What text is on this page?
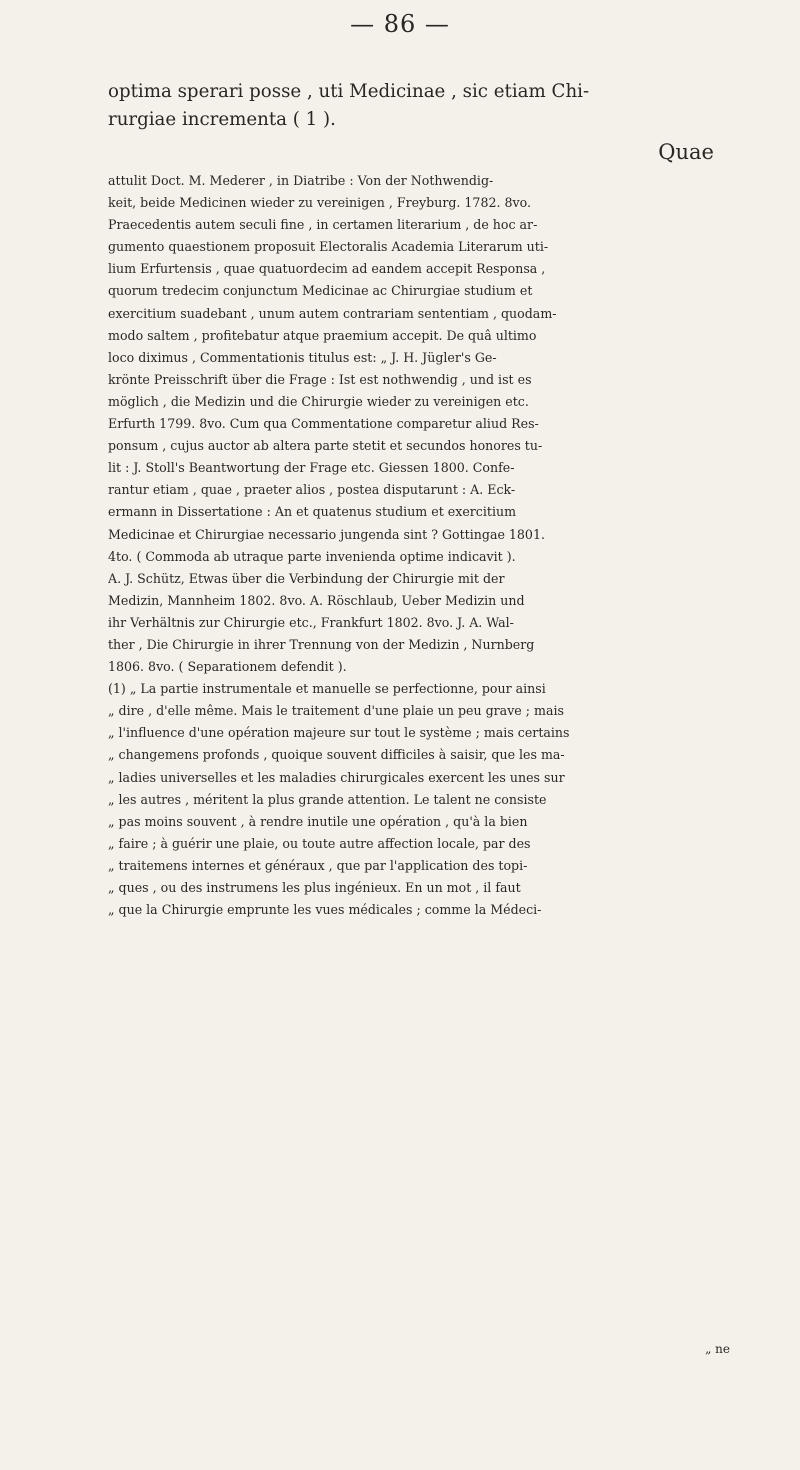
— 86 —
optima sperari posse , uti Medicinae , sic etiam Chi-
rurgiae incrementa ( 1 ).
Quae
attulit Doct. M. Mederer , in Diatribe : Von der Nothwendig-
keit, beide Medicinen wieder zu vereinigen , Freyburg. 1782. 8vo.
Praecedentis autem seculi fine , in certamen literarium , de hoc ar-
gumento quaestionem proposuit Electoralis Academia Literarum uti-
lium Erfurtensis , quae quatuordecim ad eandem accepit Responsa ,
quorum tredecim conjunctum Medicinae ac Chirurgiae studium et
exercitium suadebant , unum autem contrariam sententiam , quodam-
modo saltem , profitebatur atque praemium accepit. De quâ ultimo
loco diximus , Commentationis titulus est: „ J. H. Jügler's Ge-
krönte Preisschrift über die Frage : Ist est nothwendig , und ist es
möglich , die Medizin und die Chirurgie wieder zu vereinigen etc.
Erfurth 1799. 8vo. Cum qua Commentatione comparetur aliud Res-
ponsum , cujus auctor ab altera parte stetit et secundos honores tu-
lit : J. Stoll's Beantwortung der Frage etc. Giessen 1800. Confe-
rantur etiam , quae , praeter alios , postea disputarunt : A. Eck-
ermann in Dissertatione : An et quatenus studium et exercitium
Medicinae et Chirurgiae necessario jungenda sint ? Gottingae 1801.
4to. ( Commoda ab utraque parte invenienda optime indicavit ).
A. J. Schütz, Etwas über die Verbindung der Chirurgie mit der
Medizin, Mannheim 1802. 8vo. A. Röschlaub, Ueber Medizin und
ihr Verhältnis zur Chirurgie etc., Frankfurt 1802. 8vo. J. A. Wal-
ther , Die Chirurgie in ihrer Trennung von der Medizin , Nurnberg
1806. 8vo. ( Separationem defendit ).
(1) „ La partie instrumentale et manuelle se perfectionne, pour ainsi
„ dire , d'elle même. Mais le traitement d'une plaie un peu grave ; mais
„ l'influence d'une opération majeure sur tout le système ; mais certains
„ changemens profonds , quoique souvent difficiles à saisir, que les ma-
„ ladies universelles et les maladies chirurgicales exercent les unes sur
„ les autres , méritent la plus grande attention. Le talent ne consiste
„ pas moins souvent , à rendre inutile une opération , qu'à la bien
„ faire ; à guérir une plaie, ou toute autre affection locale, par des
„ traitemens internes et généraux , que par l'application des topi-
„ ques , ou des instrumens les plus ingénieux. En un mot , il faut
„ que la Chirurgie emprunte les vues médicales ; comme la Médeci-
„ ne
